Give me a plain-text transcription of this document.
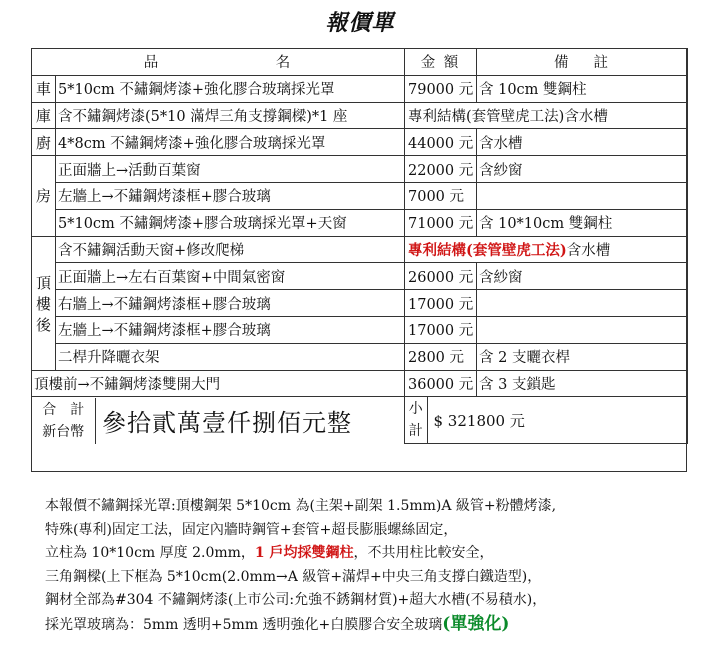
報價單
品　　　　　　　名	金 額	備　 註
車	5*10cm 不鏽鋼烤漆+強化膠合玻璃採光罩	79000 元	含 10cm 雙鋼柱
庫	含不鏽鋼烤漆(5*10 滿焊三角支撐鋼樑)*1 座	專利結構(套管壁虎工法)含水槽
廚	4*8cm 不鏽鋼烤漆+強化膠合玻璃採光罩	44000 元	含水槽
房	正面牆上→活動百葉窗	22000 元	含紗窗
左牆上→不鏽鋼烤漆框+膠合玻璃	7000 元	
5*10cm 不鏽鋼烤漆+膠合玻璃採光罩+天窗	71000 元	含 10*10cm 雙鋼柱

頂
樓
後
	含不鏽鋼活動天窗+修改爬梯	專利結構(套管壁虎工法)含水槽
正面牆上→左右百葉窗+中間氣密窗	26000 元	含紗窗
右牆上→不鏽鋼烤漆框+膠合玻璃	17000 元	
左牆上→不鏽鋼烤漆框+膠合玻璃	17000 元	
二桿升降曬衣架	2800 元	含 2 支曬衣桿
頂樓前→不鏽鋼烤漆雙開大門	36000 元	含 3 支鎖匙

合　計
新台幣	參拾貳萬壹仟捌佰元整
		小
計
	$ 321800 元

本報價不鏽鋼採光罩:頂樓鋼架 5*10cm 為(主架+副架 1.5mm)A 級管+粉體烤漆,

特殊(專利)固定工法，固定內牆時鋼管+套管+超長膨脹螺絲固定，

立柱為 10*10cm 厚度 2.0mm，1 戶均採雙鋼柱，不共用柱比較安全，

三角鋼樑(上下框為 5*10cm(2.0mm→A 級管+滿焊+中央三角支撐白鐵造型)，

鋼材全部為#304 不鏽鋼烤漆(上市公司:允強不銹鋼材質)+超大水槽(不易積水)，

採光罩玻璃為：5mm 透明+5mm 透明強化+白膜膠合安全玻璃(單強化)
